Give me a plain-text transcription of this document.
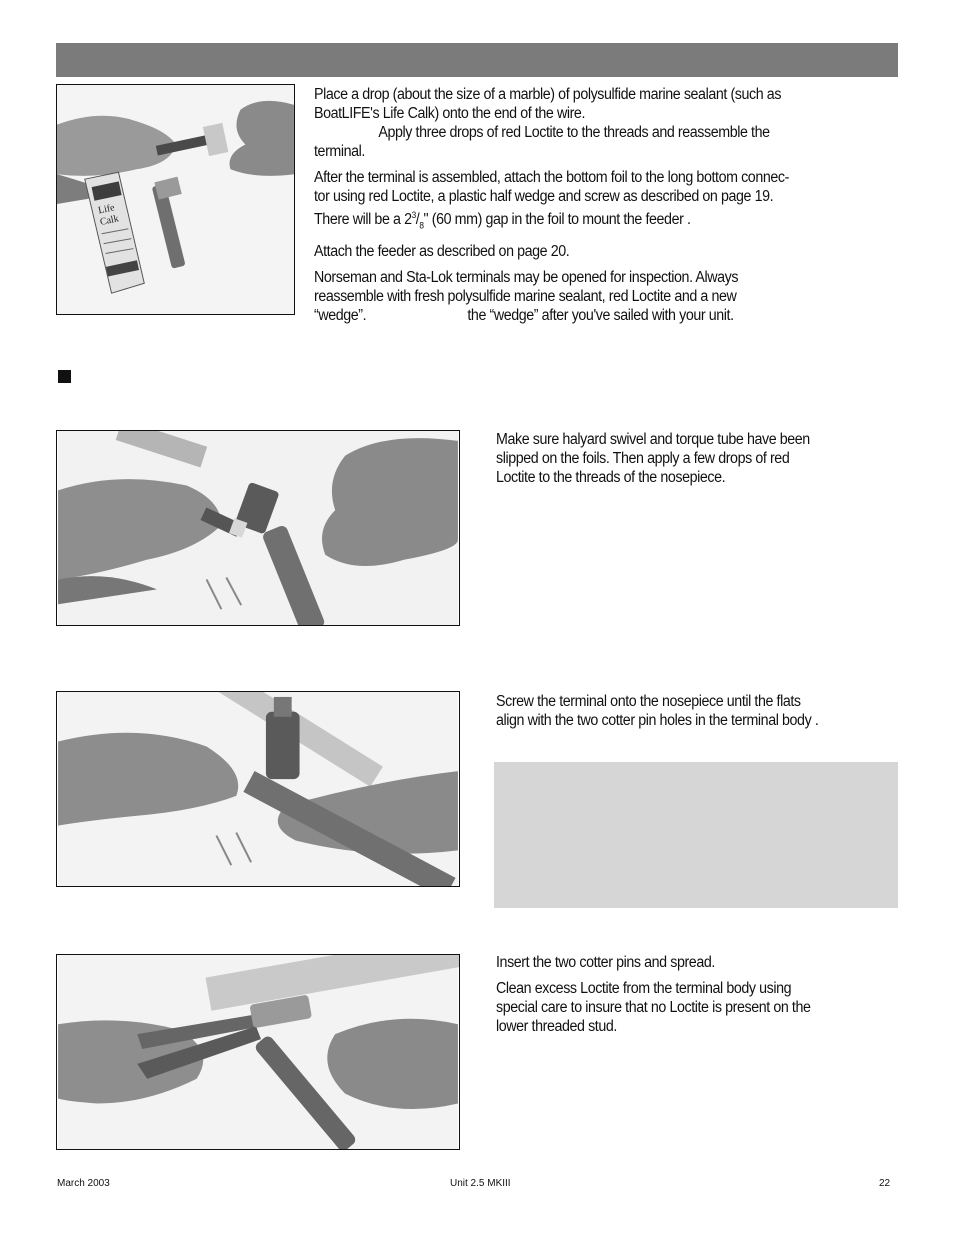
Life
Calk

Place a drop (about the size of a marble) of polysulfide marine sealant (such as
BoatLIFE's Life Calk) onto the end of the wire.
Apply three drops of red Loctite to the threads and reassemble the
terminal.

After the terminal is assembled, attach the bottom foil to the long bottom connec-
tor using red Loctite, a plastic half wedge and screw as described on page 19.
There will be a $2^3/_8$" (60 mm) gap in the foil to mount the feeder .

Attach the feeder as described on page 20.

Norseman and Sta-Lok terminals may be opened for inspection. Always
reassemble with fresh polysulfide marine sealant, red Loctite and a new
“wedge”.	the “wedge” after you've sailed with your unit.

Make sure halyard swivel and torque tube have been
slipped on the foils. Then apply a few drops of red
Loctite to the threads of the nosepiece.
Screw the terminal onto the nosepiece until the flats
align with the two cotter pin holes in the terminal body .

Insert the two cotter pins and spread.

Clean excess Loctite from the terminal body using
special care to insure that no Loctite is present on the
lower threaded stud.

March 2003	Unit 2.5 MKIII	22
